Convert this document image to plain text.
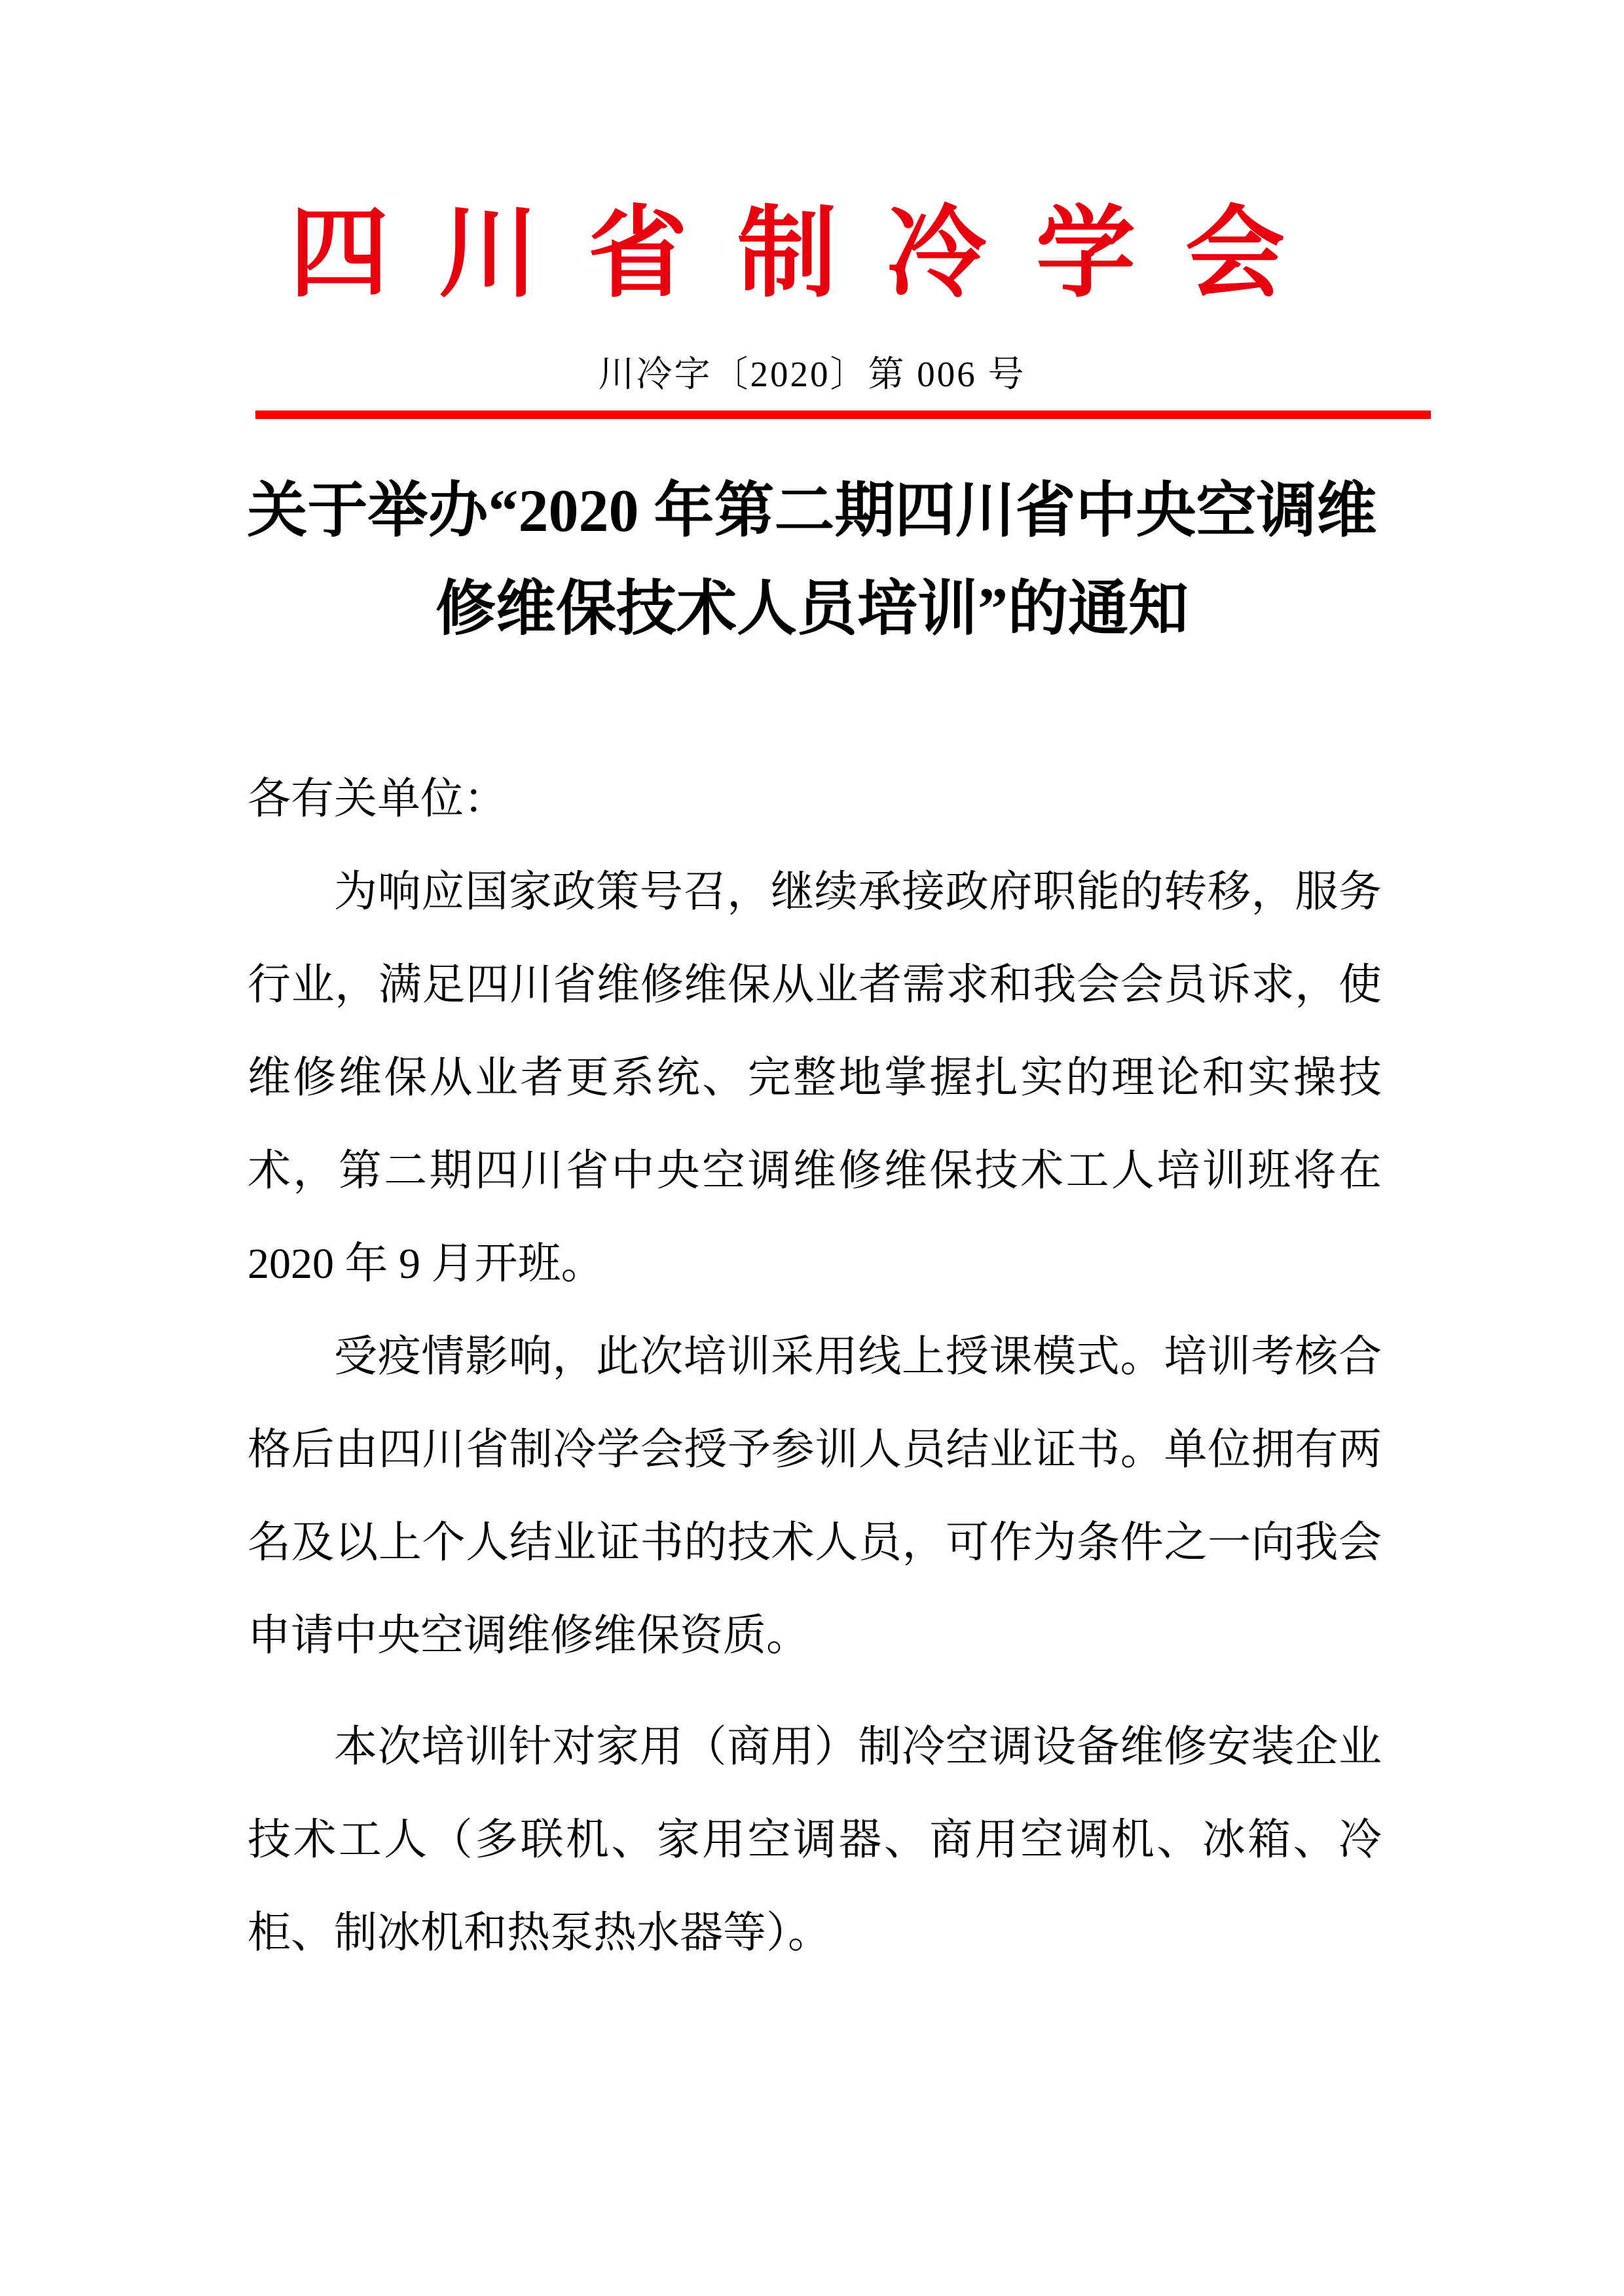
四川省制冷学会
川冷字〔2020〕第 006 号
关于举办“2020 年第二期四川省中央空调维
修维保技术人员培训”的通知
各有关单位：

为响应国家政策号召，继续承接政府职能的转移，服务行业，满足四川省维修维保从业者需求和我会会员诉求，使维修维保从业者更系统、完整地掌握扎实的理论和实操技术，第二期四川省中央空调维修维保技术工人培训班将在 2020 年 9 月开班。

受疫情影响，此次培训采用线上授课模式。培训考核合格后由四川省制冷学会授予参训人员结业证书。单位拥有两名及以上个人结业证书的技术人员，可作为条件之一向我会申请中央空调维修维保资质。

本次培训针对家用（商用）制冷空调设备维修安装企业技术工人（多联机、家用空调器、商用空调机、冰箱、冷柜、制冰机和热泵热水器等）。
